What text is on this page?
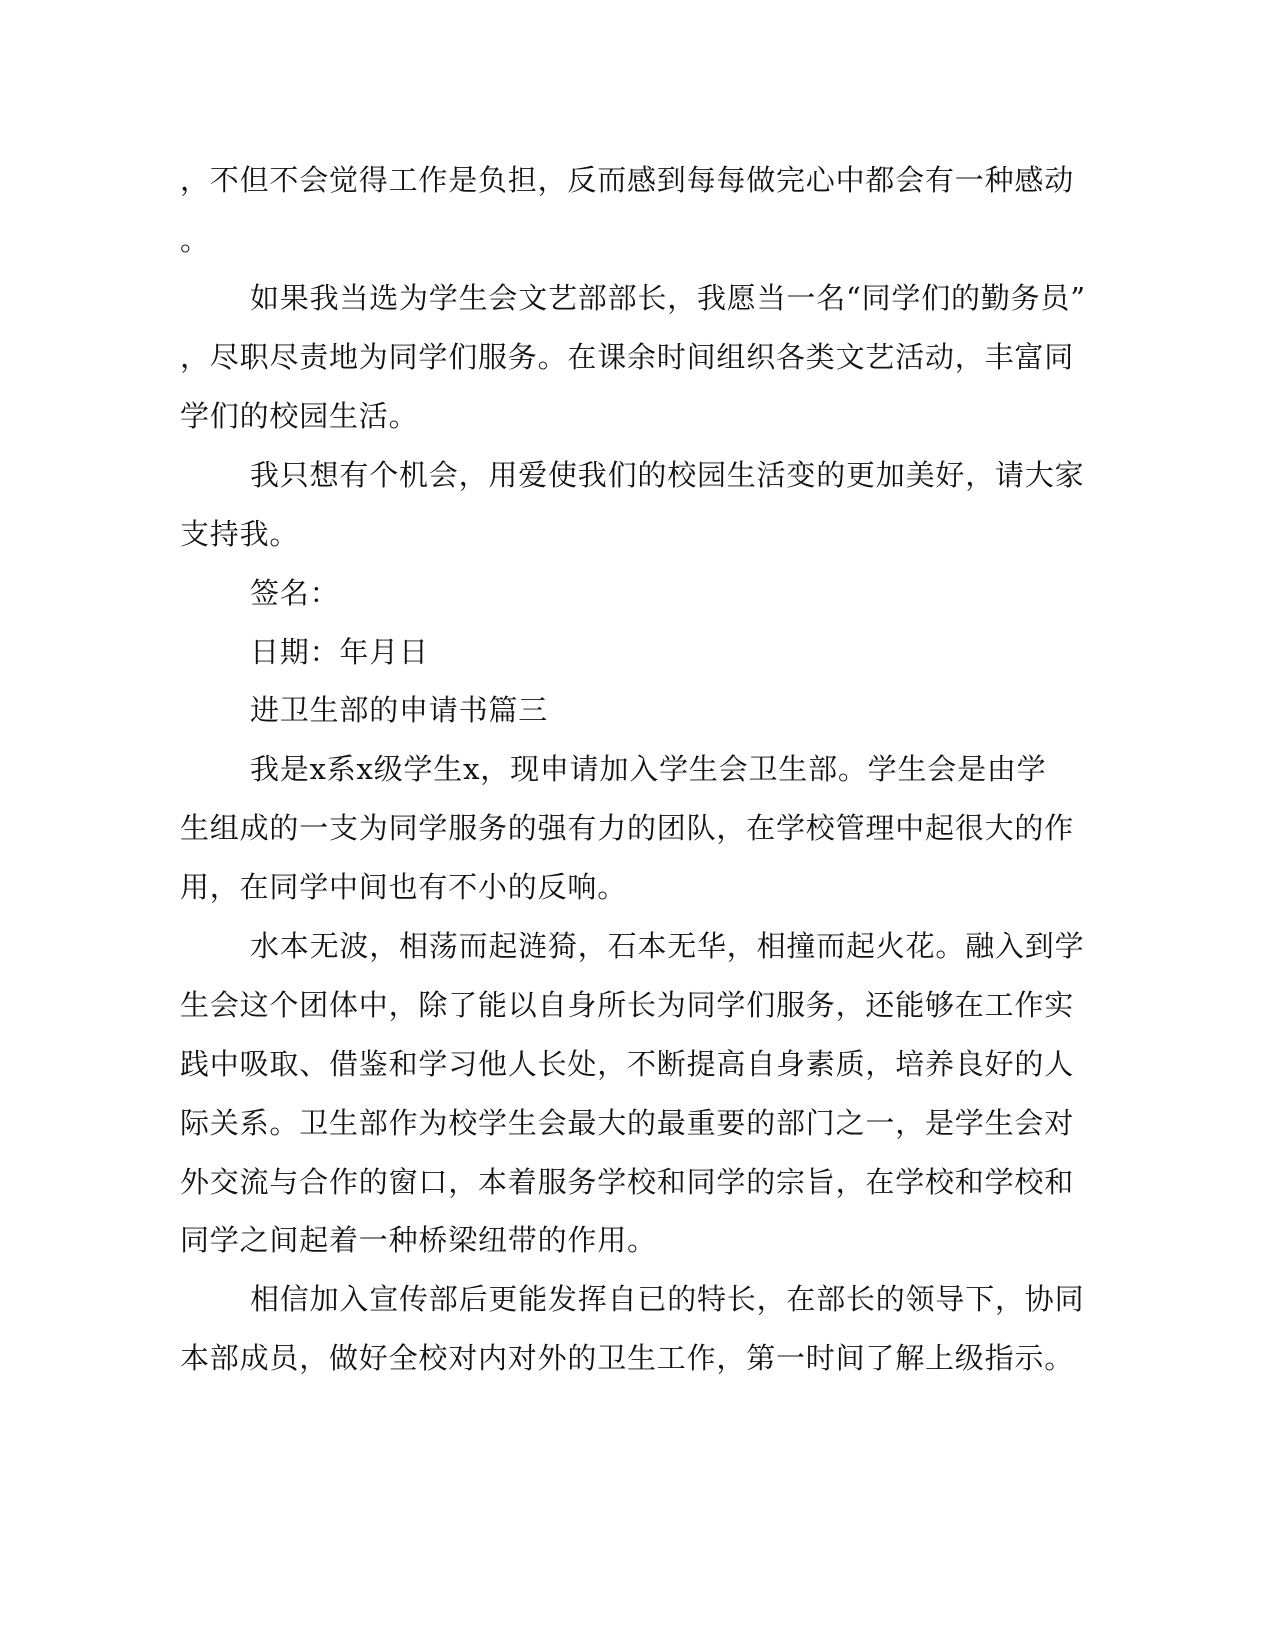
，不但不会觉得工作是负担，反而感到每每做完心中都会有一种感动
。
如果我当选为学生会文艺部部长，我愿当一名“同学们的勤务员”
，尽职尽责地为同学们服务。在课余时间组织各类文艺活动，丰富同
学们的校园生活。
我只想有个机会，用爱使我们的校园生活变的更加美好，请大家
支持我。
签名：
日期：年月日
进卫生部的申请书篇三
我是x系x级学生x，现申请加入学生会卫生部。学生会是由学
生组成的一支为同学服务的强有力的团队，在学校管理中起很大的作
用，在同学中间也有不小的反响。
水本无波，相荡而起涟猗，石本无华，相撞而起火花。融入到学
生会这个团体中，除了能以自身所长为同学们服务，还能够在工作实
践中吸取、借鉴和学习他人长处，不断提高自身素质，培养良好的人
际关系。卫生部作为校学生会最大的最重要的部门之一，是学生会对
外交流与合作的窗口，本着服务学校和同学的宗旨，在学校和学校和
同学之间起着一种桥梁纽带的作用。
相信加入宣传部后更能发挥自已的特长，在部长的领导下，协同
本部成员，做好全校对内对外的卫生工作，第一时间了解上级指示。
